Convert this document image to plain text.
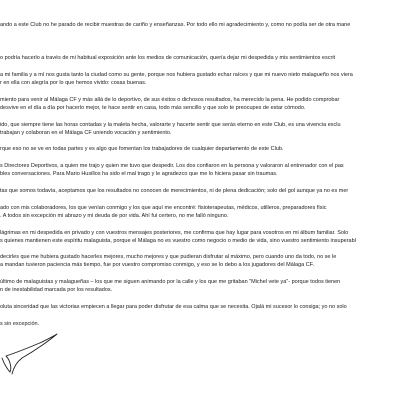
ando a este Club no he parado de recibir muestras de cariño y enseñanzas. Por todo ello mi agradecimiento y, como no podía ser de otra mane

o podría hacerlo a través de mi habitual exposición ante los medios de comunicación, quería dejar mi despedida y mis sentimientos escrit

a mi familia y a mí nos gusta tanto la ciudad como su gente, porque nos hubiera gustado echar raíces y que mi nuevo nieto malagueño nos viera
r en ella con alegría por lo que hemos vivido: cosas buenas.

miento para venir al Málaga CF y más allá de lo deportivo, de sus éxitos o dichosos resultados, ha merecido la pena. He podido comprobar
desvive en el día a día por hacerlo mejor, te hace sentir en casa, todo más sencillo y que solo te preocupes de estar cómodo.

ido, que siempre tiene las horas contadas y la maleta hecha, valorarte y hacerte sentir que serás eterno en este Club, es una vivencia exclu
trabajan y colaboran en el Málaga CF uniendo vocación y sentimiento.

rque eso no se ve en todas partes y es algo que fomentan los trabajadores de cualquier departamento de este Club.

s Directores Deportivos, a quien me trajo y quien me tuvo que despedir. Los dos confiaron en la persona y valoraron al entrenador con el pas
bles conversaciones. Para Mario Husillos ha sido el mal trago y le agradezco que me lo hiciera pasar sin traumas.

tas que somos todavía, aceptamos que los resultados no conocen de merecimientos, ni de plena dedicación; solo del gol aunque ya no es mer

ado con mis colaboradores, los que venían conmigo y los que aquí me encontré: fisioterapeutas, médicos, utilleros, preparadores físic
. A todos sin excepción mi abrazo y mi deuda de por vida. Ahí fui certero, no me falló ninguno.

lágrimas en mi despedida en privado y con vuestros mensajes posteriores, me confirma que hay lugar para vosotros en mi álbum familiar. Solo
s quienes mantienen este espíritu malaguista, porque el Málaga no es vuestro como negocio o medio de vida, sino vuestro sentimiento insuperabl

decirles que me hubiera gustado hacerles mejores, mucho mejores y que pudieran disfrutar al máximo, pero cuando uno da todo, no se le
a mandan tuvieron paciencia más tiempo, fue por vuestro compromiso conmigo, y eso se lo debo a los jugadores del Málaga CF.

último de malaguistas y malagueñas – los que me siguen animando por la calle y los que me gritaban "Michel vete ya"- porque todos tienen
n de inestabilidad marcada por los resultados.

oluta sinceridad que las victorias empiecen a llegar para poder disfrutar de esa calma que se necesita. Ojalá mi sucesor lo consiga; yo no solo

s sin excepción.
